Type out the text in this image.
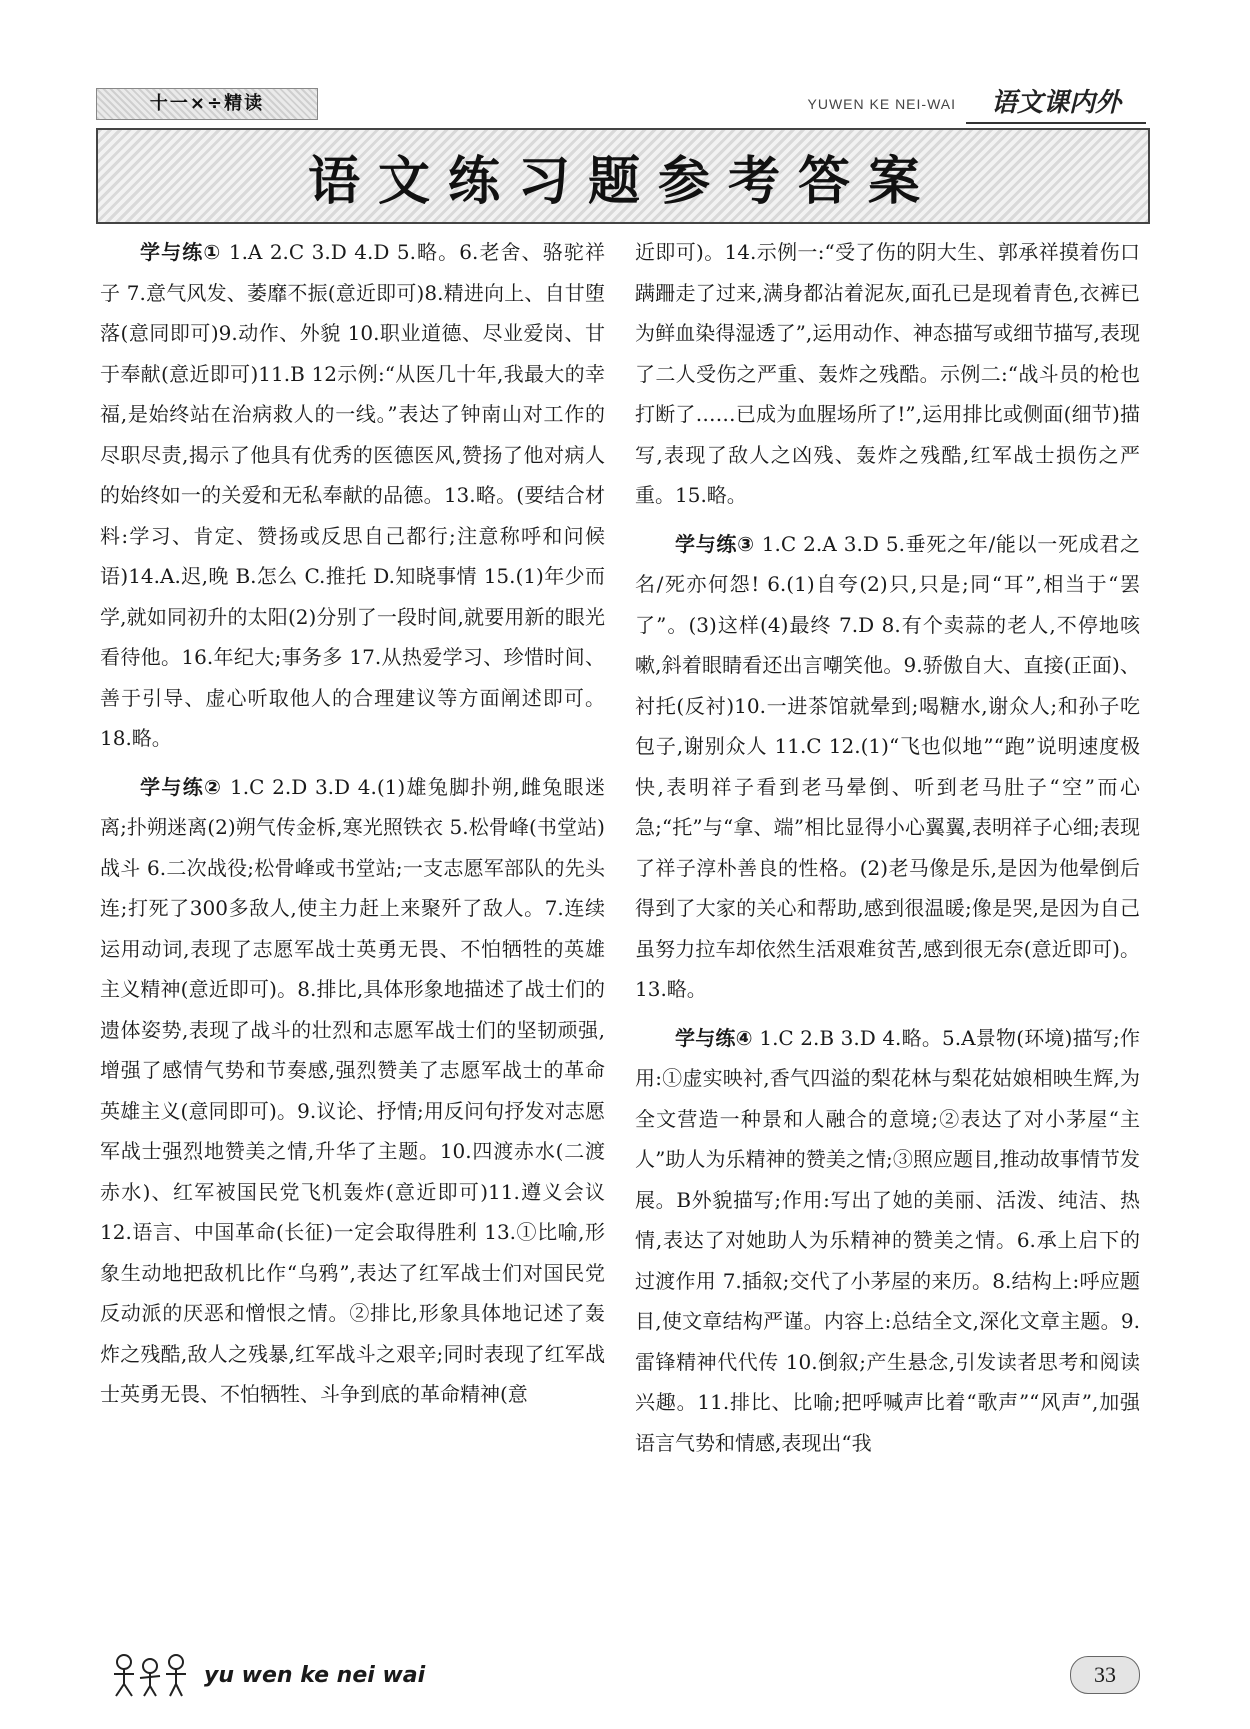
十一×÷精读	YUWEN KE NEI-WAI	语文课内外
语文练习题参考答案

学与练① 1.A 2.C 3.D 4.D 5.略。6.老舍、骆驼祥子 7.意气风发、萎靡不振(意近即可)8.精进向上、自甘堕落(意同即可)9.动作、外貌 10.职业道德、尽业爱岗、甘于奉献(意近即可)11.B 12示例:“从医几十年,我最大的幸福,是始终站在治病救人的一线。”表达了钟南山对工作的尽职尽责,揭示了他具有优秀的医德医风,赞扬了他对病人的始终如一的关爱和无私奉献的品德。13.略。(要结合材料:学习、肯定、赞扬或反思自己都行;注意称呼和问候语)14.A.迟,晚 B.怎么 C.推托 D.知晓事情 15.(1)年少而学,就如同初升的太阳(2)分别了一段时间,就要用新的眼光看待他。16.年纪大;事务多 17.从热爱学习、珍惜时间、善于引导、虚心听取他人的合理建议等方面阐述即可。18.略。

学与练② 1.C 2.D 3.D 4.(1)雄兔脚扑朔,雌兔眼迷离;扑朔迷离(2)朔气传金柝,寒光照铁衣 5.松骨峰(书堂站)战斗 6.二次战役;松骨峰或书堂站;一支志愿军部队的先头连;打死了300多敌人,使主力赶上来聚歼了敌人。7.连续运用动词,表现了志愿军战士英勇无畏、不怕牺牲的英雄主义精神(意近即可)。8.排比,具体形象地描述了战士们的遗体姿势,表现了战斗的壮烈和志愿军战士们的坚韧顽强,增强了感情气势和节奏感,强烈赞美了志愿军战士的革命英雄主义(意同即可)。9.议论、抒情;用反问句抒发对志愿军战士强烈地赞美之情,升华了主题。10.四渡赤水(二渡赤水)、红军被国民党飞机轰炸(意近即可)11.遵义会议 12.语言、中国革命(长征)一定会取得胜利 13.①比喻,形象生动地把敌机比作“乌鸦”,表达了红军战士们对国民党反动派的厌恶和憎恨之情。②排比,形象具体地记述了轰炸之残酷,敌人之残暴,红军战斗之艰辛;同时表现了红军战士英勇无畏、不怕牺牲、斗争到底的革命精神(意

近即可)。14.示例一:“受了伤的阴大生、郭承祥摸着伤口蹒跚走了过来,满身都沾着泥灰,面孔已是现着青色,衣裤已为鲜血染得湿透了”,运用动作、神态描写或细节描写,表现了二人受伤之严重、轰炸之残酷。示例二:“战斗员的枪也打断了……已成为血腥场所了!”,运用排比或侧面(细节)描写,表现了敌人之凶残、轰炸之残酷,红军战士损伤之严重。15.略。

学与练③ 1.C 2.A 3.D 5.垂死之年/能以一死成君之名/死亦何怨! 6.(1)自夸(2)只,只是;同“耳”,相当于“罢了”。(3)这样(4)最终 7.D 8.有个卖蒜的老人,不停地咳嗽,斜着眼睛看还出言嘲笑他。9.骄傲自大、直接(正面)、衬托(反衬)10.一进茶馆就晕到;喝糖水,谢众人;和孙子吃包子,谢别众人 11.C 12.(1)“飞也似地”“跑”说明速度极快,表明祥子看到老马晕倒、听到老马肚子“空”而心急;“托”与“拿、端”相比显得小心翼翼,表明祥子心细;表现了祥子淳朴善良的性格。(2)老马像是乐,是因为他晕倒后得到了大家的关心和帮助,感到很温暖;像是哭,是因为自己虽努力拉车却依然生活艰难贫苦,感到很无奈(意近即可)。13.略。

学与练④ 1.C 2.B 3.D 4.略。5.A景物(环境)描写;作用:①虚实映衬,香气四溢的梨花林与梨花姑娘相映生辉,为全文营造一种景和人融合的意境;②表达了对小茅屋“主人”助人为乐精神的赞美之情;③照应题目,推动故事情节发展。B外貌描写;作用:写出了她的美丽、活泼、纯洁、热情,表达了对她助人为乐精神的赞美之情。6.承上启下的过渡作用 7.插叙;交代了小茅屋的来历。8.结构上:呼应题目,使文章结构严谨。内容上:总结全文,深化文章主题。9.雷锋精神代代传 10.倒叙;产生悬念,引发读者思考和阅读兴趣。11.排比、比喻;把呼喊声比着“歌声”“风声”,加强语言气势和情感,表现出“我

yu wen ke nei wai	33
